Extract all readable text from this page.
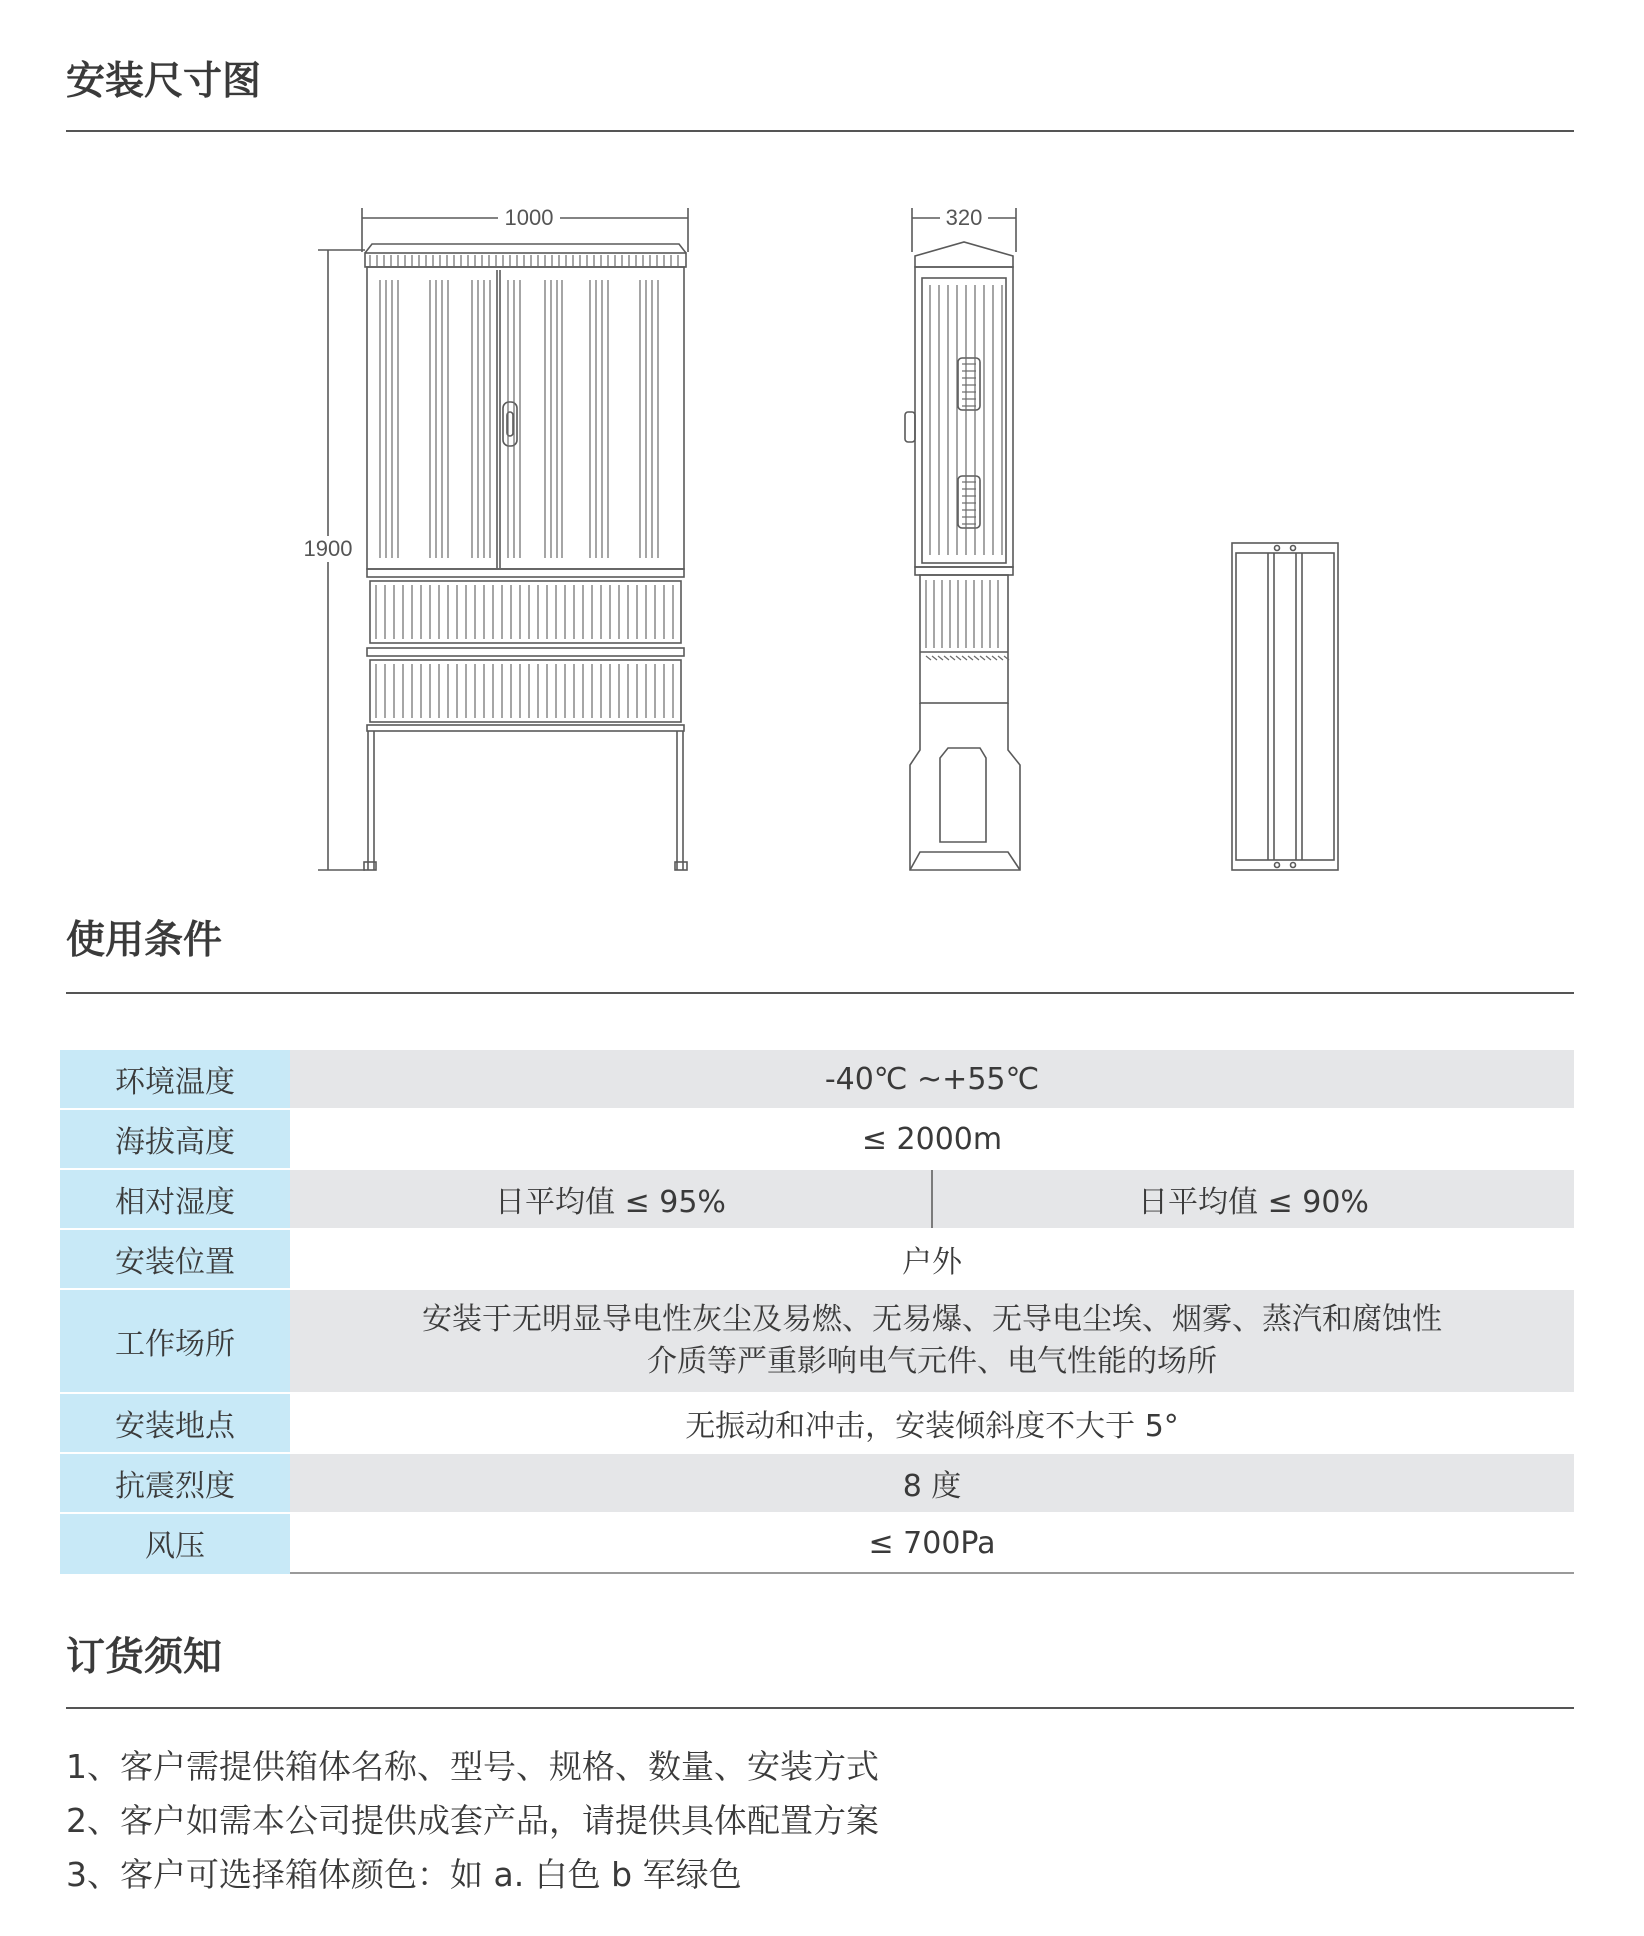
安装尺寸图
1000
1900
320
使用条件
环境温度	-40℃ ~+55℃	
海拔高度	≤ 2000m	
相对湿度	日平均值 ≤ 95%	日平均值 ≤ 90%
安装位置	户外	
工作场所	安装于无明显导电性灰尘及易燃、无易爆、无导电尘埃、烟雾、蒸汽和腐蚀性
介质等严重影响电气元件、电气性能的场所	

安装地点	无振动和冲击，安装倾斜度不大于 5°	
抗震烈度	8 度	
风压	≤ 700Pa	
订货须知
1、客户需提供箱体名称、型号、规格、数量、安装方式
2、客户如需本公司提供成套产品，请提供具体配置方案
3、客户可选择箱体颜色：如 a. 白色 b 军绿色
